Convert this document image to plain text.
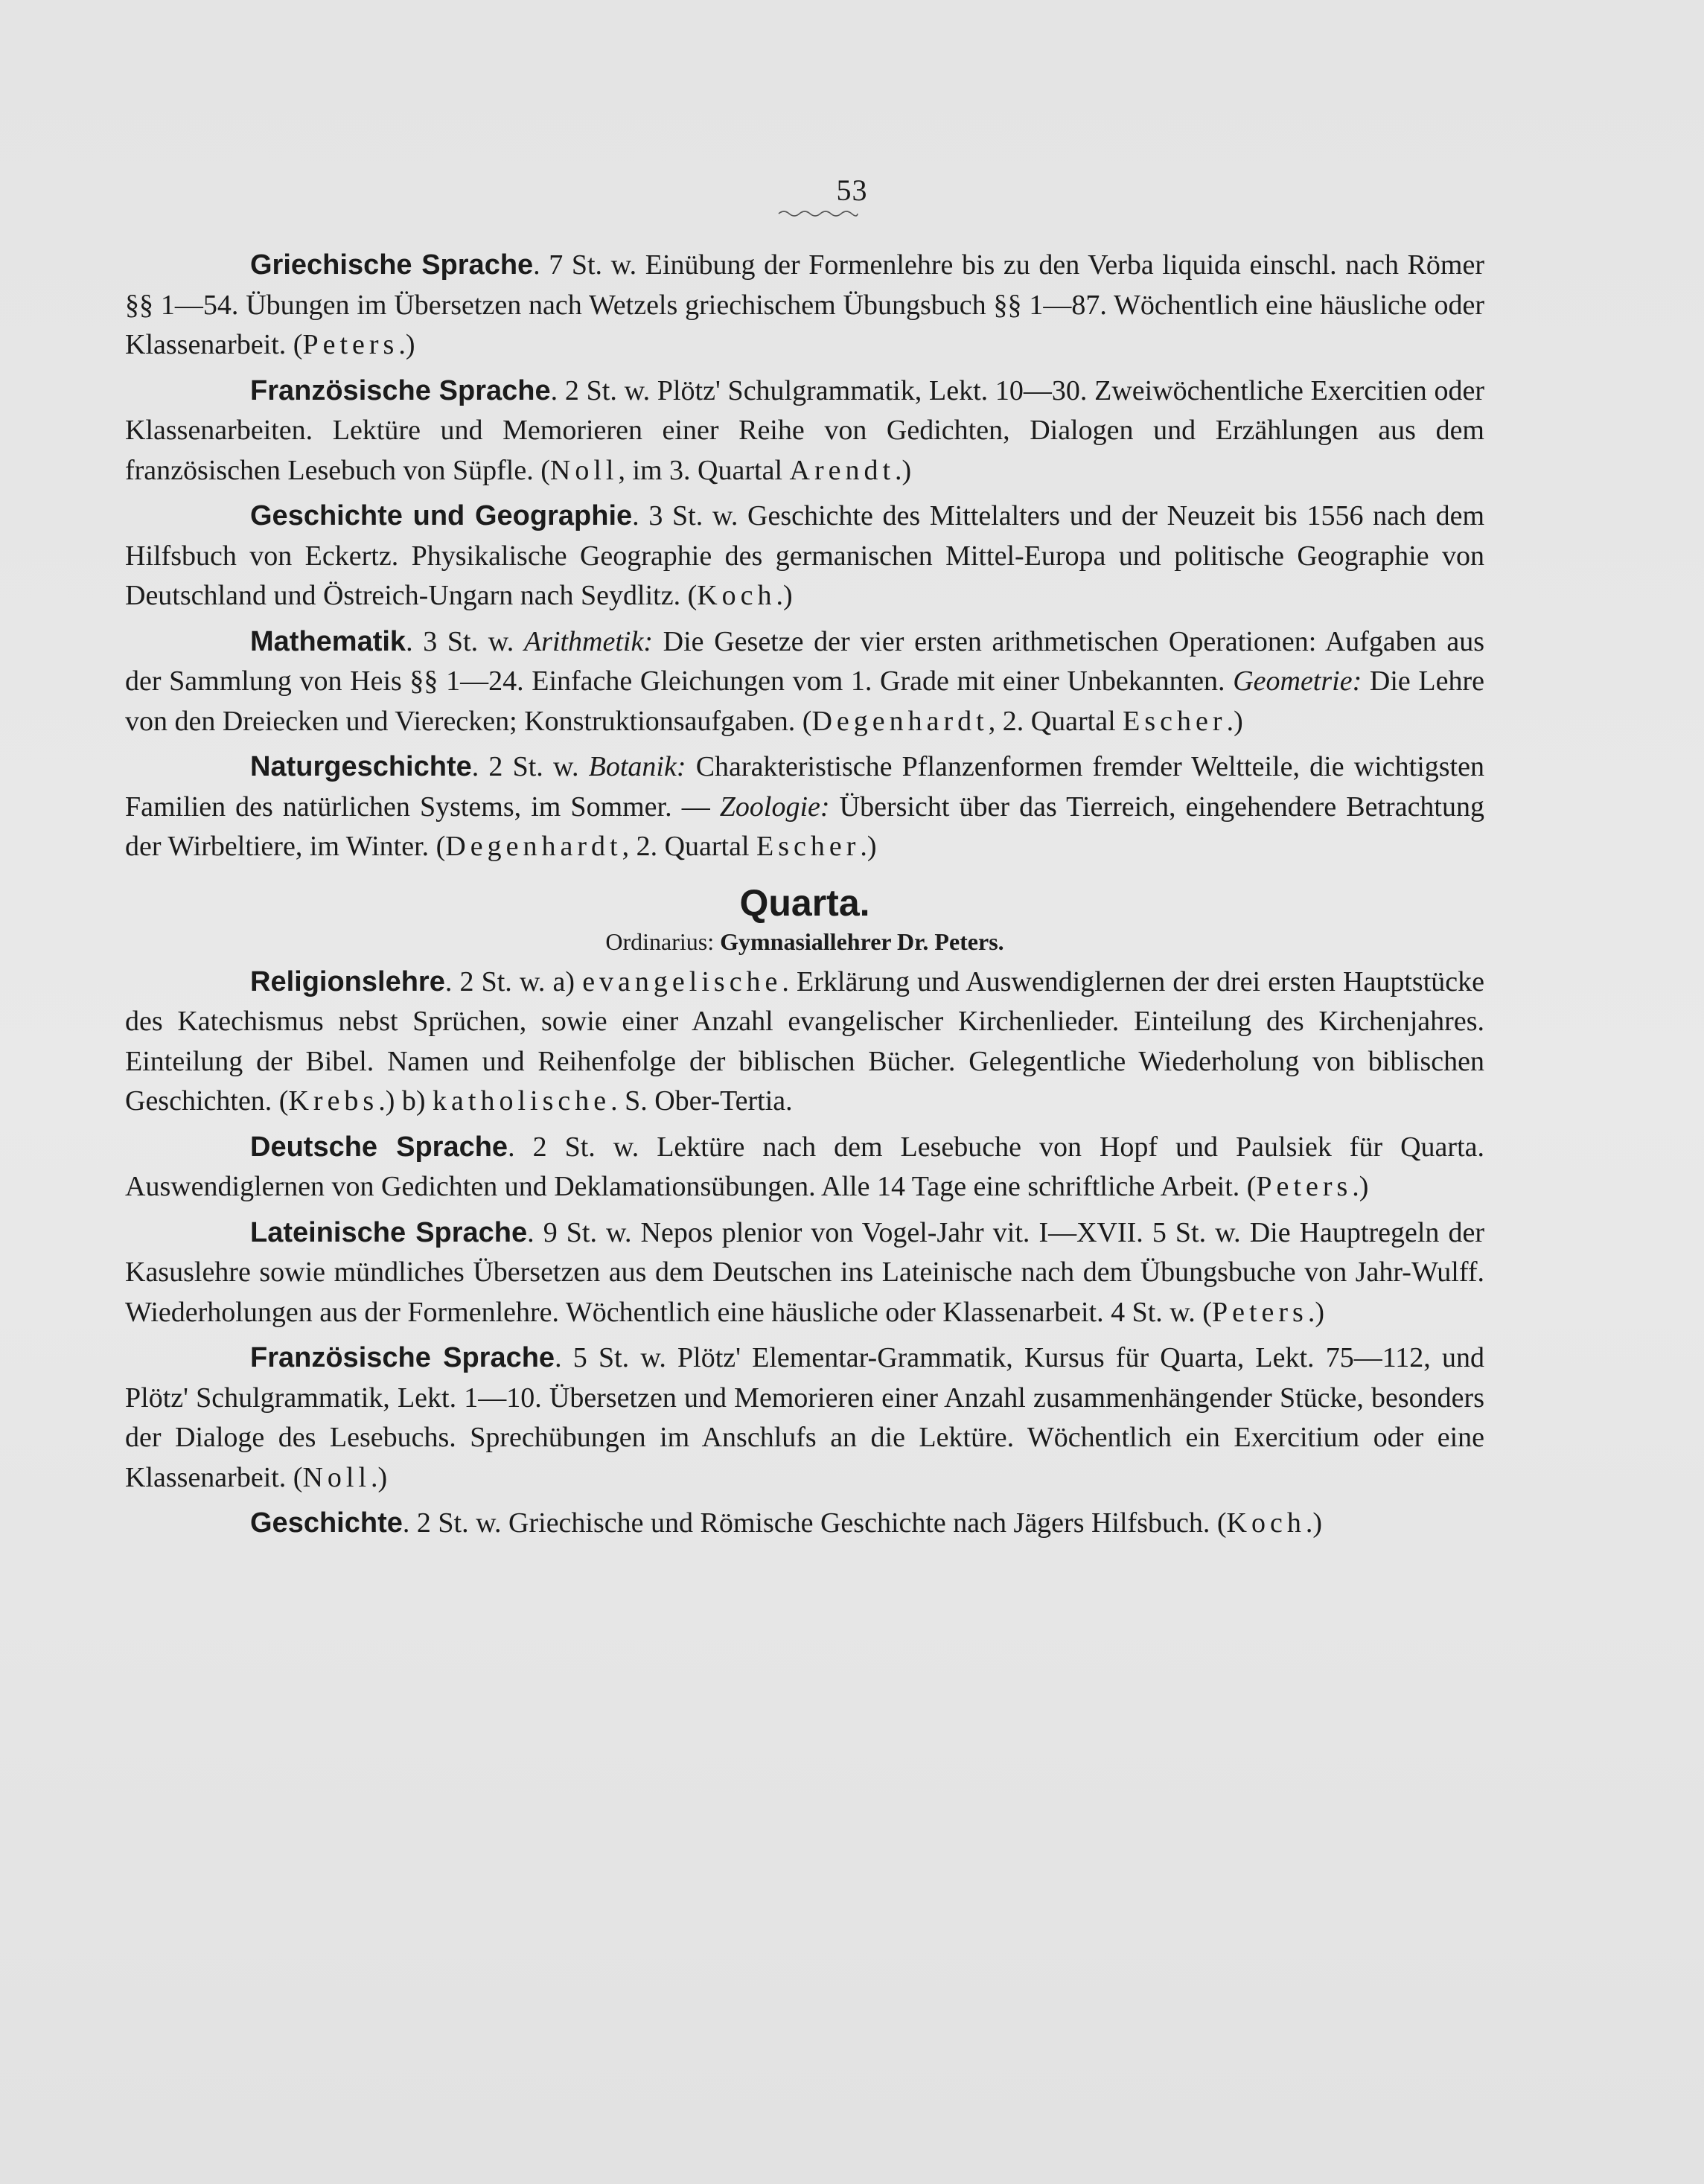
53

Griechische Sprache. 7 St. w. Einübung der Formenlehre bis zu den Verba liquida einschl. nach Römer §§ 1—54. Übungen im Übersetzen nach Wetzels griechischem Übungsbuch §§ 1—87. Wöchentlich eine häusliche oder Klassenarbeit. (Peters.)

Französische Sprache. 2 St. w. Plötz' Schulgrammatik, Lekt. 10—30. Zweiwöchentliche Exercitien oder Klassenarbeiten. Lektüre und Memorieren einer Reihe von Gedichten, Dialogen und Erzählungen aus dem französischen Lesebuch von Süpfle. (Noll, im 3. Quartal Arendt.)

Geschichte und Geographie. 3 St. w. Geschichte des Mittelalters und der Neuzeit bis 1556 nach dem Hilfsbuch von Eckertz. Physikalische Geographie des germanischen Mittel-Europa und politische Geographie von Deutschland und Östreich-Ungarn nach Seydlitz. (Koch.)

Mathematik. 3 St. w. Arithmetik: Die Gesetze der vier ersten arithmetischen Operationen: Aufgaben aus der Sammlung von Heis §§ 1—24. Einfache Gleichungen vom 1. Grade mit einer Unbekannten. Geometrie: Die Lehre von den Dreiecken und Vierecken; Konstruktionsaufgaben. (Degenhardt, 2. Quartal Escher.)

Naturgeschichte. 2 St. w. Botanik: Charakteristische Pflanzenformen fremder Weltteile, die wichtigsten Familien des natürlichen Systems, im Sommer. — Zoologie: Übersicht über das Tierreich, eingehendere Betrachtung der Wirbeltiere, im Winter. (Degenhardt, 2. Quartal Escher.)

Quarta.
Ordinarius: Gymnasiallehrer Dr. Peters.

Religionslehre. 2 St. w. a) evangelische. Erklärung und Auswendiglernen der drei ersten Hauptstücke des Katechismus nebst Sprüchen, sowie einer Anzahl evangelischer Kirchenlieder. Einteilung des Kirchenjahres. Einteilung der Bibel. Namen und Reihenfolge der biblischen Bücher. Gelegentliche Wiederholung von biblischen Geschichten. (Krebs.) b) katholische. S. Ober-Tertia.

Deutsche Sprache. 2 St. w. Lektüre nach dem Lesebuche von Hopf und Paulsiek für Quarta. Auswendiglernen von Gedichten und Deklamationsübungen. Alle 14 Tage eine schriftliche Arbeit. (Peters.)

Lateinische Sprache. 9 St. w. Nepos plenior von Vogel-Jahr vit. I—XVII. 5 St. w. Die Hauptregeln der Kasuslehre sowie mündliches Übersetzen aus dem Deutschen ins Lateinische nach dem Übungsbuche von Jahr-Wulff. Wiederholungen aus der Formenlehre. Wöchentlich eine häusliche oder Klassenarbeit. 4 St. w. (Peters.)

Französische Sprache. 5 St. w. Plötz' Elementar-Grammatik, Kursus für Quarta, Lekt. 75—112, und Plötz' Schulgrammatik, Lekt. 1—10. Übersetzen und Memorieren einer Anzahl zusammenhängender Stücke, besonders der Dialoge des Lesebuchs. Sprechübungen im Anschlufs an die Lektüre. Wöchentlich ein Exercitium oder eine Klassenarbeit. (Noll.)

Geschichte. 2 St. w. Griechische und Römische Geschichte nach Jägers Hilfsbuch. (Koch.)
